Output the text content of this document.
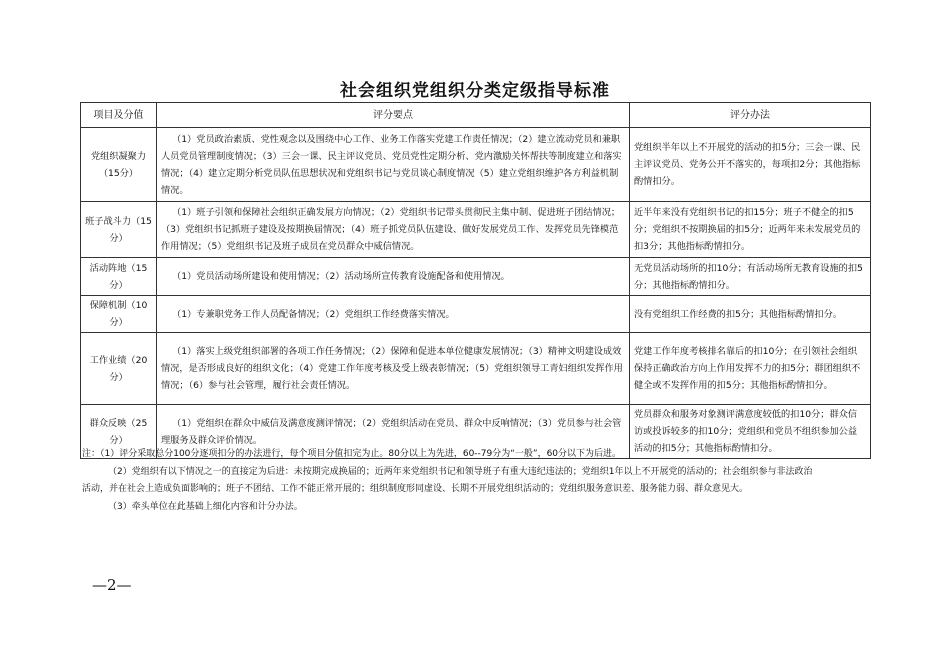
社会组织党组织分类定级指导标准
项目及分值	评分要点	评分办法
党组织凝聚力（15分）	（1）党员政治素质、党性观念以及围绕中心工作、业务工作落实党建工作责任情况；（2）建立流动党员和兼职人员党员管理制度情况；（3）三会一课、民主评议党员、党员党性定期分析、党内激励关怀帮扶等制度建立和落实情况；（4）建立定期分析党员队伍思想状况和党组织书记与党员谈心制度情况（5）建立党组织维护各方利益机制情况。	党组织半年以上不开展党的活动的扣5分；三会一课、民主评议党员、党务公开不落实的，每项扣2分；其他指标酌情扣分。
班子战斗力（15分）	（1）班子引领和保障社会组织正确发展方向情况；（2）党组织书记带头贯彻民主集中制、促进班子团结情况；（3）党组织书记抓班子建设及按期换届情况；（4）班子抓党员队伍建设、做好发展党员工作、发挥党员先锋模范作用情况；（5）党组织书记及班子成员在党员群众中威信情况。	近半年来没有党组织书记的扣15分；班子不健全的扣5分；党组织不按期换届的扣5分；近两年来未发展党员的扣3分；其他指标酌情扣分。
活动阵地（15分）	（1）党员活动场所建设和使用情况；（2）活动场所宣传教育设施配备和使用情况。	无党员活动场所的扣10分；有活动场所无教育设施的扣5分；其他指标酌情扣分。
保障机制（10分）	（1）专兼职党务工作人员配备情况；（2）党组织工作经费落实情况。	没有党组织工作经费的扣5分；其他指标酌情扣分。
工作业绩（20分）	（1）落实上级党组织部署的各项工作任务情况；（2）保障和促进本单位健康发展情况；（3）精神文明建设成效情况，是否形成良好的组织文化；（4）党建工作年度考核及受上级表彰情况；（5）党组织领导工青妇组织发挥作用情况；（6）参与社会管理，履行社会责任情况。	党建工作年度考核排名靠后的扣10分；在引领社会组织保持正确政治方向上作用发挥不力的扣5分；群团组织不健全或不发挥作用的扣5分；其他指标酌情扣分。
群众反映（25分）	（1）党组织在群众中威信及满意度测评情况；（2）党组织活动在党员、群众中反响情况；（3）党员参与社会管理服务及群众评价情况。	党员群众和服务对象测评满意度较低的扣10分；群众信访或投诉较多的扣10分；党组织和党员不组织参加公益活动的扣5分；其他指标酌情扣分。
注：（1）评分采取总分100分逐项扣分的办法进行，每个项目分值扣完为止。80分以上为先进，60--79分为“一般”，60分以下为后进。
（2）党组织有以下情况之一的直接定为后进：未按期完成换届的；近两年来党组织书记和领导班子有重大违纪违法的；党组织1年以上不开展党的活动的；社会组织参与非法政治
活动，并在社会上造成负面影响的；班子不团结、工作不能正常开展的；组织制度形同虚设、长期不开展党组织活动的；党组织服务意识差、服务能力弱、群众意见大。
（3）牵头单位在此基础上细化内容和计分办法。
—2—
